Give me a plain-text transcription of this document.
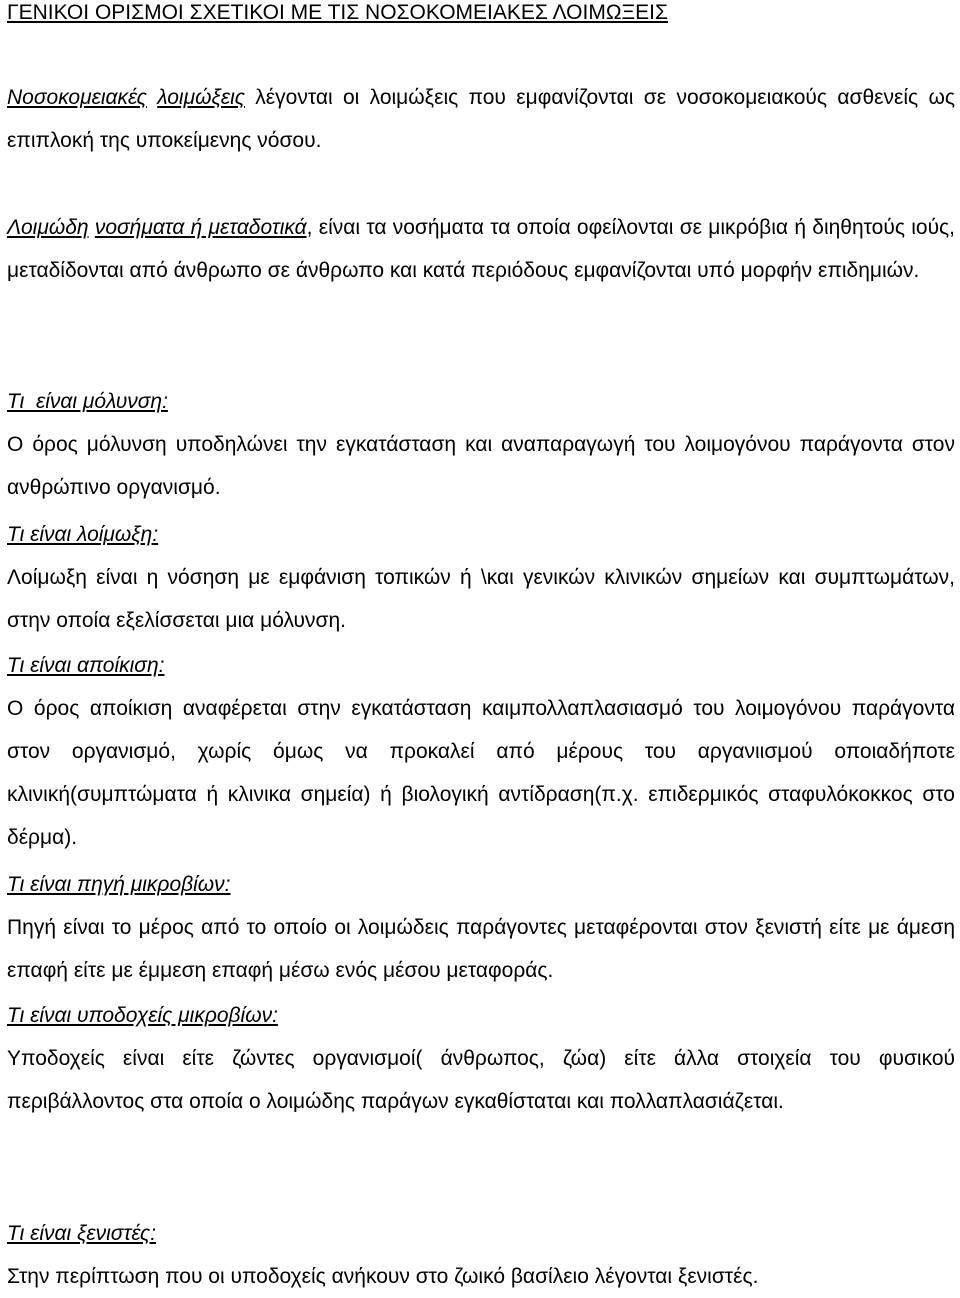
ΓΕΝΙΚΟΙ ΟΡΙΣΜΟΙ ΣΧΕΤΙΚΟΙ ΜΕ ΤΙΣ ΝΟΣΟΚΟΜΕΙΑΚΕΣ ΛΟΙΜΩΞΕΙΣ
Νοσοκομειακές λοιμώξεις λέγονται οι λοιμώξεις που εμφανίζονται σε νοσοκομειακούς ασθενείς ως επιπλοκή της υποκείμενης νόσου.
Λοιμώδη νοσήματα ή μεταδοτικά, είναι τα νοσήματα τα οποία οφείλονται σε μικρόβια ή διηθητούς ιούς, μεταδίδονται από άνθρωπο σε άνθρωπο και κατά περιόδους εμφανίζονται υπό μορφήν επιδημιών.
Τι  είναι μόλυνση:
Ο όρος μόλυνση υποδηλώνει την εγκατάσταση και αναπαραγωγή του λοιμογόνου παράγοντα στον ανθρώπινο οργανισμό.
Τι είναι λοίμωξη:
Λοίμωξη είναι η νόσηση με εμφάνιση τοπικών ή \και γενικών κλινικών σημείων και συμπτωμάτων, στην οποία εξελίσσεται μια μόλυνση.
Τι είναι αποίκιση:
Ο όρος αποίκιση αναφέρεται στην εγκατάσταση καιμπολλαπλασιασμό του λοιμογόνου παράγοντα στον οργανισμό, χωρίς όμως να προκαλεί από μέρους του αργανιισμού οποιαδήποτε κλινική(συμπτώματα ή κλινικα σημεία) ή βιολογική αντίδραση(π.χ. επιδερμικός σταφυλόκοκκος στο δέρμα).
Τι είναι πηγή μικροβίων:
Πηγή είναι το μέρος από το οποίο οι λοιμώδεις παράγοντες μεταφέρονται στον ξενιστή είτε με άμεση επαφή είτε με έμμεση επαφή μέσω ενός μέσου μεταφοράς.
Τι είναι υποδοχείς μικροβίων:
Υποδοχείς είναι είτε ζώντες οργανισμοί( άνθρωπος, ζώα) είτε άλλα στοιχεία του φυσικού περιβάλλοντος στα οποία ο λοιμώδης παράγων εγκαθίσταται και πολλαπλασιάζεται.
Τι είναι ξενιστές:
Στην περίπτωση που οι υποδοχείς ανήκουν στο ζωικό βασίλειο λέγονται ξενιστές.
